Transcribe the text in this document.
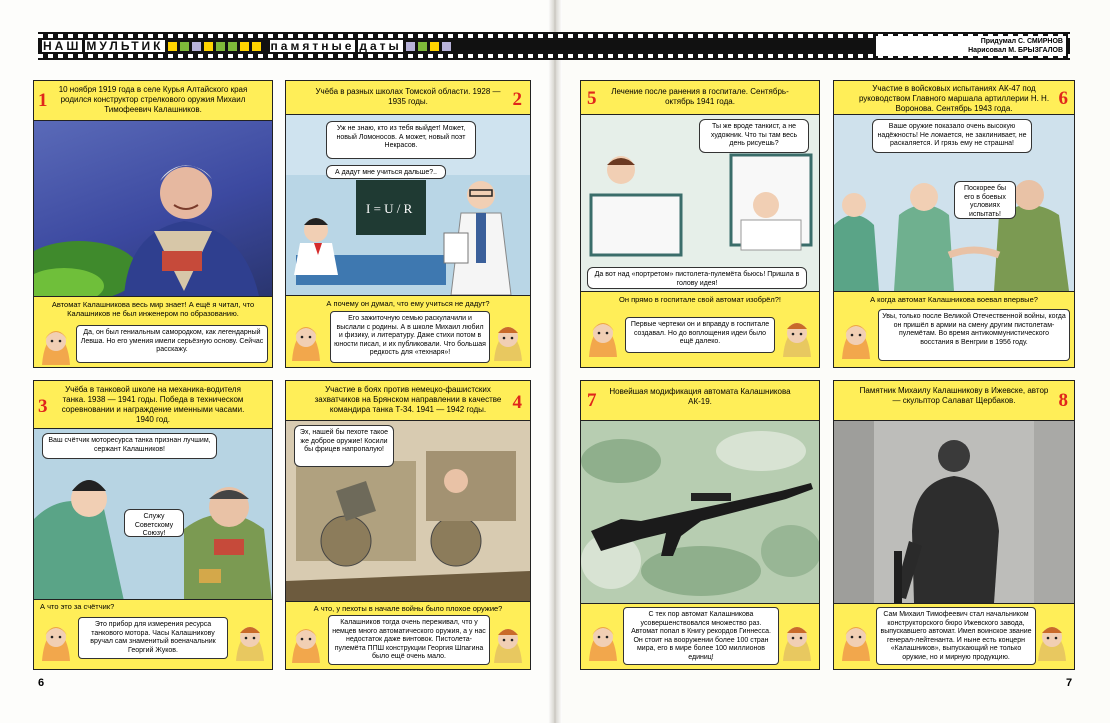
НАШ МУЛЬТИК	памятные даты	Придумал С. СМИРНОВ
Нарисовал М. БРЫЗГАЛОВ
10 ноября 1919 года в селе Курья Алтайского края родился конструктор стрелкового оружия Михаил Тимофеевич Калашников.
1
Автомат Калашникова весь мир знает! А ещё я читал, что Калашников не был инженером по образованию.
Да, он был гениальным самородком, как легендарный Левша. Но его умения имели серьёзную основу. Сейчас расскажу.
Учёба в разных школах Томской области. 1928 — 1935 годы.	2
I = U / R
Уж не знаю, кто из тебя выйдет! Может, новый Ломоносов. А может, новый поэт Некрасов.
А дадут мне учиться дальше?..
А почему он думал, что ему учиться не дадут?
Его зажиточную семью раскулачили и выслали с родины. А в школе Михаил любил и физику, и литературу. Даже стихи потом в юности писал, и их публиковали. Что большая редкость для «технаря»!
Учёба в танковой школе на механика-водителя танка. 1938 — 1941 годы. Победа в техническом соревновании и награждение именными часами. 1940 год.
3
Ваш счётчик моторесурса танка признан лучшим, сержант Калашников!
Служу Советскому Союзу!
А что это за счётчик?
Это прибор для измерения ресурса танкового мотора. Часы Калашникову вручал сам знаменитый военачальник Георгий Жуков.
Участие в боях против немецко-фашистских захватчиков на Брянском направлении в качестве командира танка Т-34. 1941 — 1942 годы.	4
Эх, нашей бы пехоте такое же доброе оружие! Косили бы фрицев напропалую!
А что, у пехоты в начале войны было плохое оружие?
Калашников тогда очень переживал, что у немцев много автоматического оружия, а у нас недостаток даже винтовок. Пистолета-пулемёта ППШ конструкции Георгия Шпагина было ещё очень мало.
Лечение после ранения в госпитале. Сентябрь-октябрь 1941 года.
5
Ты же вроде танкист, а не художник. Что ты там весь день рисуешь?
Да вот над «портретом» пистолета-пулемёта бьюсь! Пришла в голову идея!
Он прямо в госпитале свой автомат изобрёл?!
Первые чертежи он и вправду в госпитале создавал. Но до воплощения идеи было ещё далеко.
Участие в войсковых испытаниях АК-47 под руководством Главного маршала артиллерии Н. Н. Воронова. Сентябрь 1943 года.	6
Ваше оружие показало очень высокую надёжность! Не ломается, не заклинивает, не раскаляется. И грязь ему не страшна!
Поскорее бы его в боевых условиях испытать!
А когда автомат Калашникова воевал впервые?
Увы, только после Великой Отечественной войны, когда он пришёл в армии на смену другим пистолетам-пулемётам. Во время антикоммунистического восстания в Венгрии в 1956 году.
Новейшая модификация автомата Калашникова АК-19.
7
С тех пор автомат Калашникова усовершенствовался множество раз. Автомат попал в Книгу рекордов Гиннесса. Он стоит на вооружении более 100 стран мира, его в мире более 100 миллионов единиц!
Памятник Михаилу Калашникову в Ижевске, автор — скульптор Салават Щербаков.	8
Сам Михаил Тимофеевич стал начальником конструкторского бюро Ижевского завода, выпускавшего автомат. Имел воинское звание генерал-лейтенанта. И ныне есть концерн «Калашников», выпускающий не только оружие, но и мирную продукцию.
6	7
